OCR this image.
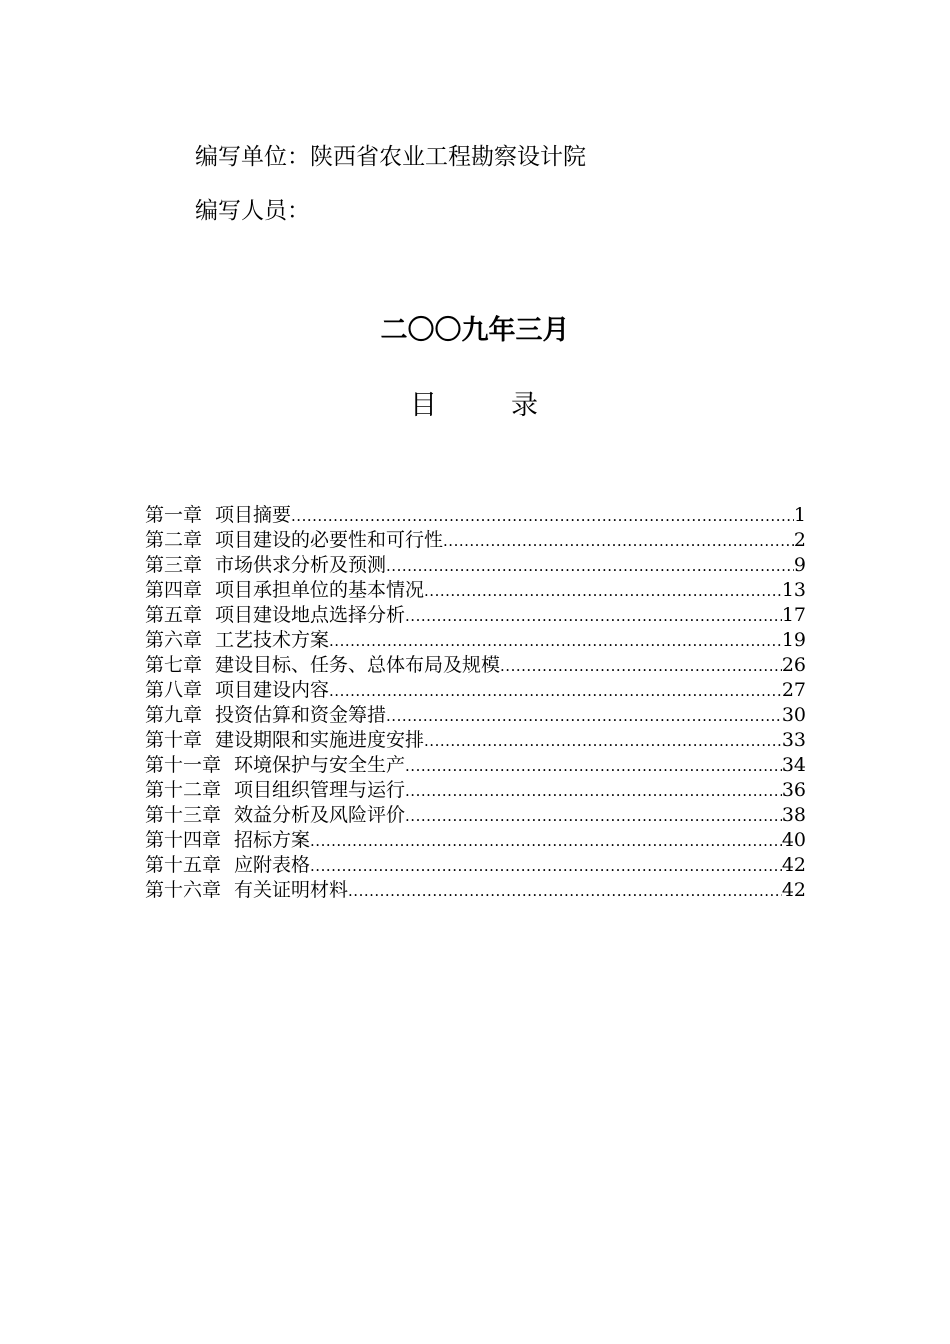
编写单位：陕西省农业工程勘察设计院
编写人员：
二〇〇九年三月
目	录
第一章 项目摘要 .....	1
第二章 项目建设的必要性和可行性 .....	2
第三章 市场供求分析及预测 .....	9
第四章 项目承担单位的基本情况 .....	13
第五章 项目建设地点选择分析 .....	17
第六章 工艺技术方案 .....	19
第七章 建设目标、任务、总体布局及规模 .....	26
第八章 项目建设内容 .....	27
第九章 投资估算和资金筹措 .....	30
第十章 建设期限和实施进度安排 .....	33
第十一章 环境保护与安全生产 .....	34
第十二章 项目组织管理与运行 .....	36
第十三章 效益分析及风险评价 .....	38
第十四章 招标方案 .....	40
第十五章 应附表格 .....	42
第十六章 有关证明材料 .....	42
